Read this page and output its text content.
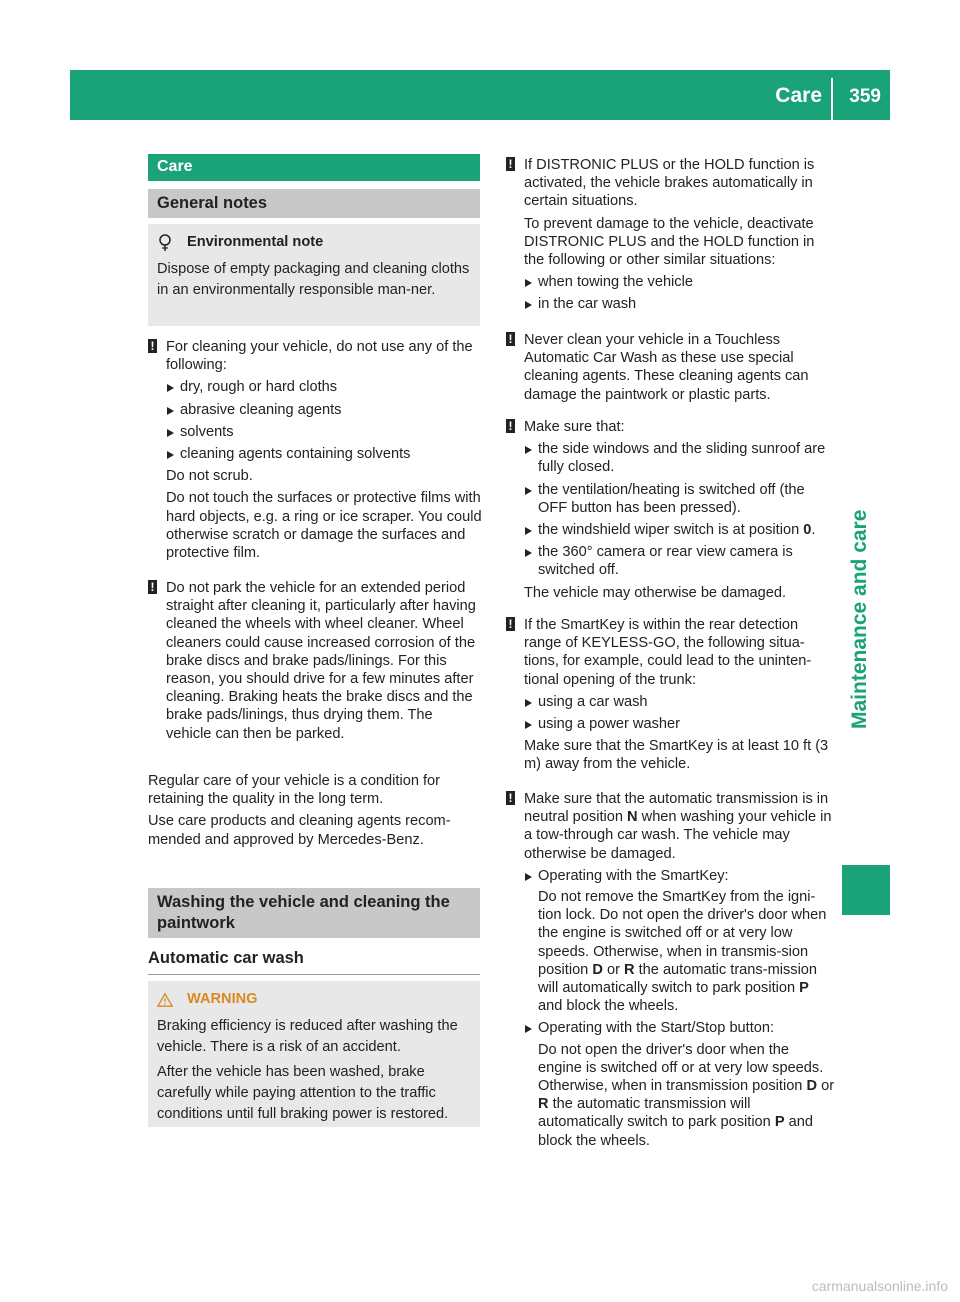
Care 359
Maintenance and care
Care
General notes
Environmental note

Dispose of empty packaging and cleaning cloths in an environmentally responsible man-ner.

! For cleaning your vehicle, do not use any of the following:

dry, rough or hard cloths
abrasive cleaning agents
solvents
cleaning agents containing solvents

Do not scrub.

Do not touch the surfaces or protective films with hard objects, e.g. a ring or ice scraper. You could otherwise scratch or damage the surfaces and protective film.

! Do not park the vehicle for an extended period straight after cleaning it, particularly after having cleaned the wheels with wheel cleaner. Wheel cleaners could cause increased corrosion of the brake discs and brake pads/linings. For this reason, you should drive for a few minutes after cleaning. Braking heats the brake discs and the brake pads/linings, thus drying them. The vehicle can then be parked.

Regular care of your vehicle is a condition for retaining the quality in the long term.

Use care products and cleaning agents recom-mended and approved by Mercedes-Benz.

Washing the vehicle and cleaning the paintwork
Automatic car wash
WARNING

Braking efficiency is reduced after washing the vehicle. There is a risk of an accident.

After the vehicle has been washed, brake carefully while paying attention to the traffic conditions until full braking power is restored.

! If DISTRONIC PLUS or the HOLD function is activated, the vehicle brakes automatically in certain situations.

To prevent damage to the vehicle, deactivate DISTRONIC PLUS and the HOLD function in the following or other similar situations:

when towing the vehicle
in the car wash
! Never clean your vehicle in a Touchless Automatic Car Wash as these use special cleaning agents. These cleaning agents can damage the paintwork or plastic parts.

! Make sure that:

the side windows and the sliding sunroof are fully closed.
the ventilation/heating is switched off (the OFF button has been pressed).
the windshield wiper switch is at position 0.
the 360° camera or rear view camera is switched off.

The vehicle may otherwise be damaged.

! If the SmartKey is within the rear detection range of KEYLESS-GO, the following situa-tions, for example, could lead to the uninten-tional opening of the trunk:

using a car wash
using a power washer

Make sure that the SmartKey is at least 10 ft (3 m) away from the vehicle.

! Make sure that the automatic transmission is in neutral position N when washing your vehicle in a tow-through car wash. The vehicle may otherwise be damaged.

Operating with the SmartKey:
Do not remove the SmartKey from the igni-tion lock. Do not open the driver's door when the engine is switched off or at very low speeds. Otherwise, when in transmis-sion position D or R the automatic trans-mission will automatically switch to park position P and block the wheels.
Operating with the Start/Stop button:
Do not open the driver's door when the engine is switched off or at very low speeds. Otherwise, when in transmission position D or R the automatic transmission will automatically switch to park position P and block the wheels.
carmanualsonline.info
